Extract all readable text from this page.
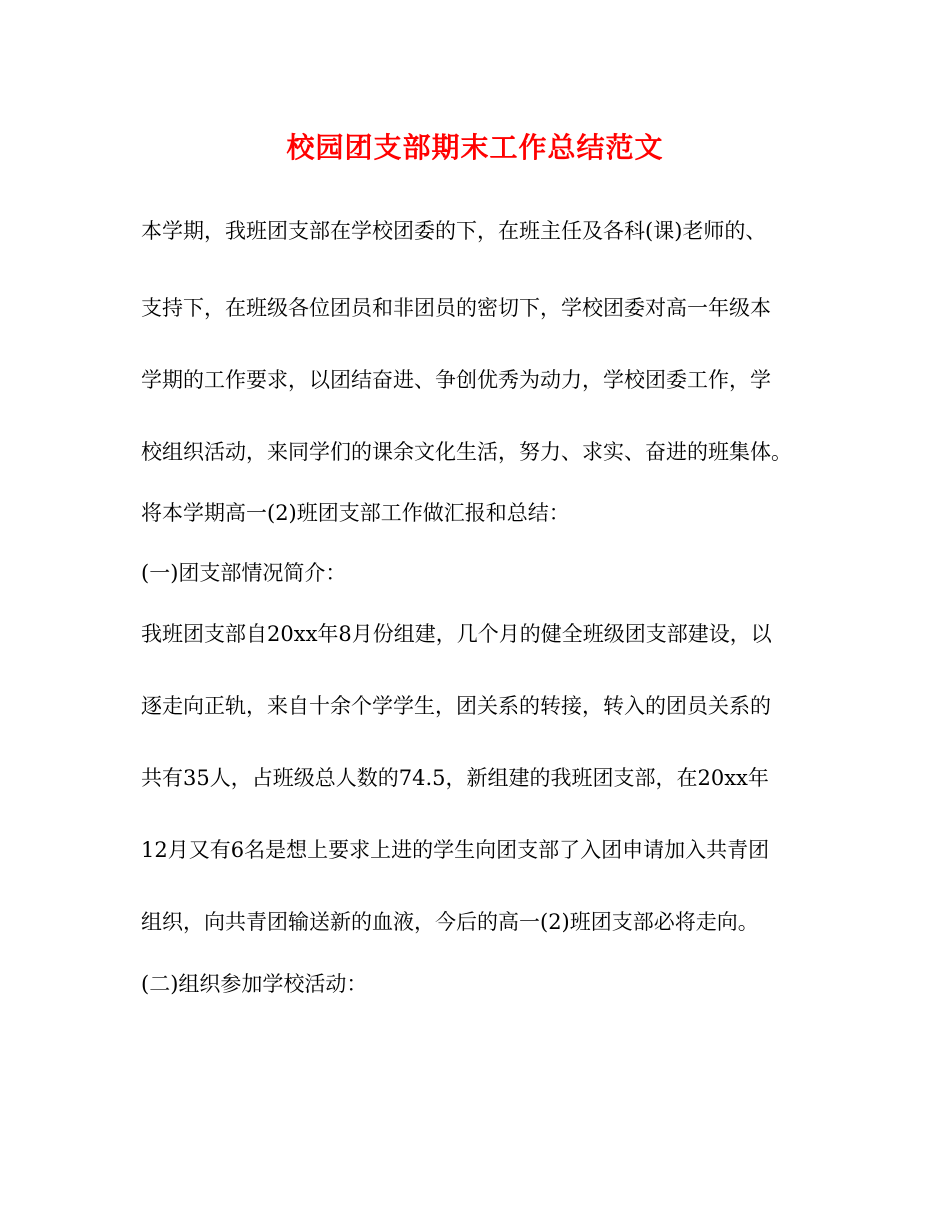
校园团支部期末工作总结范文
本学期，我班团支部在学校团委的下，在班主任及各科(课)老师的、
支持下，在班级各位团员和非团员的密切下，学校团委对高一年级本
学期的工作要求，以团结奋进、争创优秀为动力，学校团委工作，学
校组织活动，来同学们的课余文化生活，努力、求实、奋进的班集体。
将本学期高一(2)班团支部工作做汇报和总结：
(一)团支部情况简介：
我班团支部自20xx年8月份组建，几个月的健全班级团支部建设，以
逐走向正轨，来自十余个学学生，团关系的转接，转入的团员关系的
共有35人，占班级总人数的74.5，新组建的我班团支部，在20xx年
12月又有6名是想上要求上进的学生向团支部了入团申请加入共青团
组织，向共青团输送新的血液，今后的高一(2)班团支部必将走向。
(二)组织参加学校活动：
